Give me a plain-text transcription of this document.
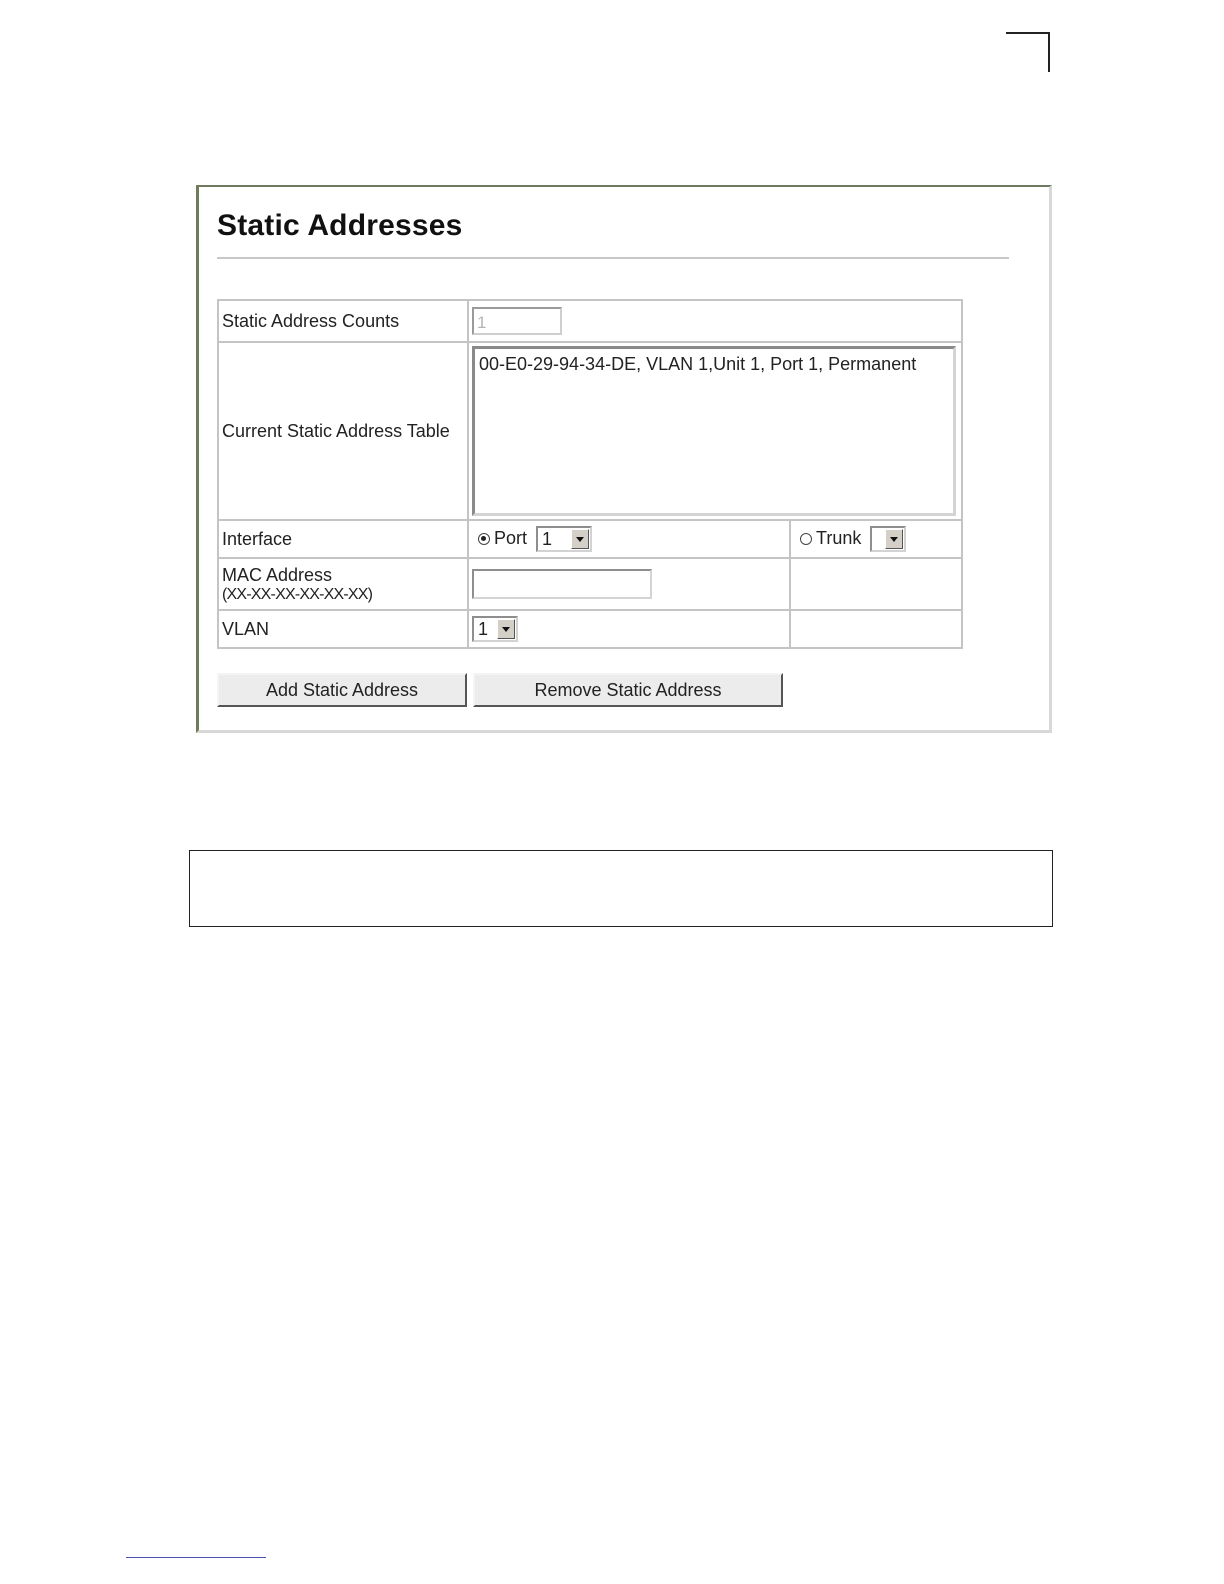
Static Addresses
Static Address Counts	1	
Current Static Address Table	00-E0-29-94-34-DE, VLAN 1,Unit 1, Port 1, Permanent	

Interface	Port 1	Trunk

MAC Address
(XX-XX-XX-XX-XX-XX)		

VLAN	1

Add Static Address	Remove Static Address
